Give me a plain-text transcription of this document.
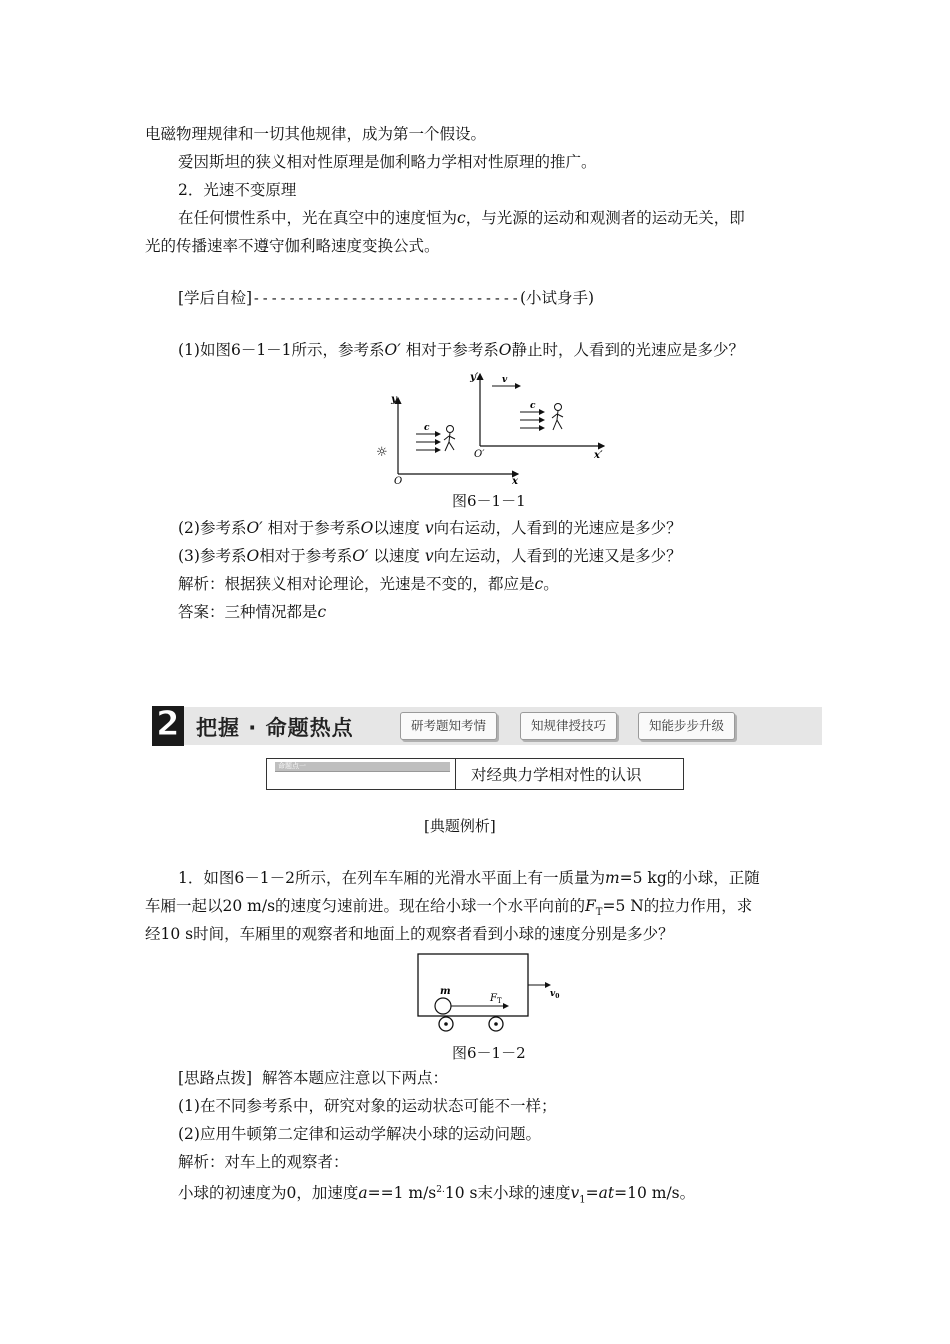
电磁物理规律和一切其他规律，成为第一个假设。
爱因斯坦的狭义相对性原理是伽利略力学相对性原理的推广。
2．光速不变原理
在任何惯性系中，光在真空中的速度恒为c，与光源的运动和观测者的运动无关，即
光的传播速率不遵守伽利略速度变换公式。
[学后自检]------------------------------(小试身手)
(1)如图6－1－1所示，参考系O′ 相对于参考系O静止时，人看到的光速应是多少？
y
y′	v
c
c
O
O′
x
x′
☼
图6－1－1
(2)参考系O′ 相对于参考系O以速度 v向右运动，人看到的光速应是多少？
(3)参考系O相对于参考系O′ 以速度 v向左运动，人看到的光速又是多少？
解析：根据狭义相对论理论，光速是不变的，都应是c。
答案：三种情况都是c
2 把握 · 命题热点	研考题知考情	知规律授技巧	知能步步升级
命题点一	对经典力学相对性的认识
[典题例析]
1．如图6－1－2所示，在列车车厢的光滑水平面上有一质量为m=5 kg的小球，正随
车厢一起以20 m/s的速度匀速前进。现在给小球一个水平向前的$F_T=5$ N的拉力作用，求
经10 s时间，车厢里的观察者和地面上的观察者看到小球的速度分别是多少？
m
$F_T$
$v_0$
图6－1－2
[思路点拨] 解答本题应注意以下两点：
(1)在不同参考系中，研究对象的运动状态可能不一样；
(2)应用牛顿第二定律和运动学解决小球的运动问题。
解析：对车上的观察者：
小球的初速度为0，加速度a==1 $m/s^{2.}10$ s末小球的速度$v_1=at=10$ m/s。
